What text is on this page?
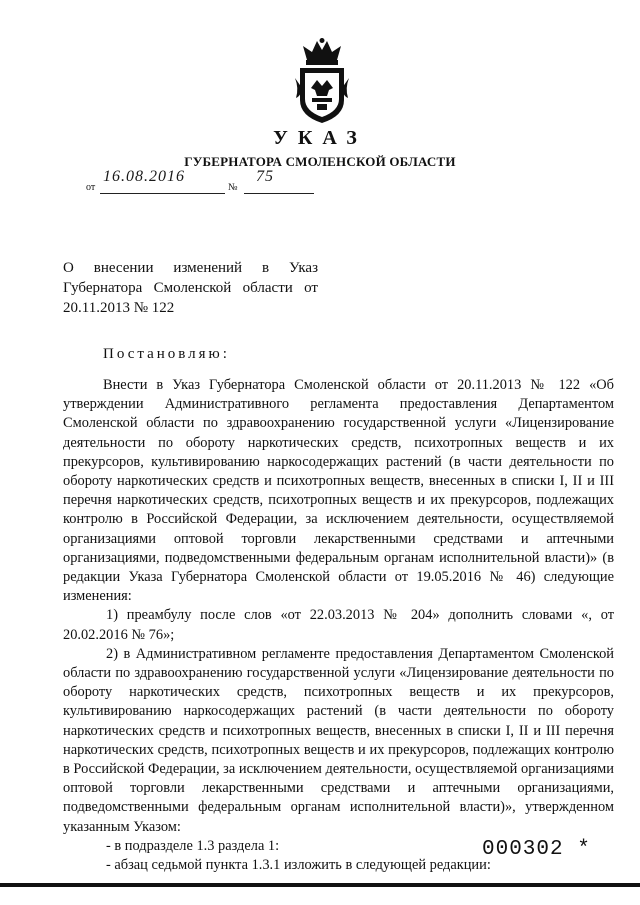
УКАЗ
ГУБЕРНАТОРА СМОЛЕНСКОЙ ОБЛАСТИ
от
16.08.2016
№
75
О внесении изменений в Указ Губернатора Смоленской области от 20.11.2013 № 122
Постановляю:

Внести в Указ Губернатора Смоленской области от 20.11.2013 № 122 «Об утверждении Административного регламента предоставления Департаментом Смоленской области по здравоохранению государственной услуги «Лицензирование деятельности по обороту наркотических средств, психотропных веществ и их прекурсоров, культивированию наркосодержащих растений (в части деятельности по обороту наркотических средств и психотропных веществ, внесенных в списки I, II и III перечня наркотических средств, психотропных веществ и их прекурсоров, подлежащих контролю в Российской Федерации, за исключением деятельности, осуществляемой организациями оптовой торговли лекарственными средствами и аптечными организациями, подведомственными федеральным органам исполнительной власти)» (в редакции Указа Губернатора Смоленской области от 19.05.2016 № 46) следующие изменения:

1) преамбулу после слов «от 22.03.2013 № 204» дополнить словами «, от 20.02.2016 № 76»;

2) в Административном регламенте предоставления Департаментом Смоленской области по здравоохранению государственной услуги «Лицензирование деятельности по обороту наркотических средств, психотропных веществ и их прекурсоров, культивированию наркосодержащих растений (в части деятельности по обороту наркотических средств и психотропных веществ, внесенных в списки I, II и III перечня наркотических средств, психотропных веществ и их прекурсоров, подлежащих контролю в Российской Федерации, за исключением деятельности, осуществляемой организациями оптовой торговли лекарственными средствами и аптечными организациями, подведомственными федеральным органам исполнительной власти)», утвержденном указанным Указом:

- в подразделе 1.3 раздела 1:

- абзац седьмой пункта 1.3.1 изложить в следующей редакции:

000302 *
